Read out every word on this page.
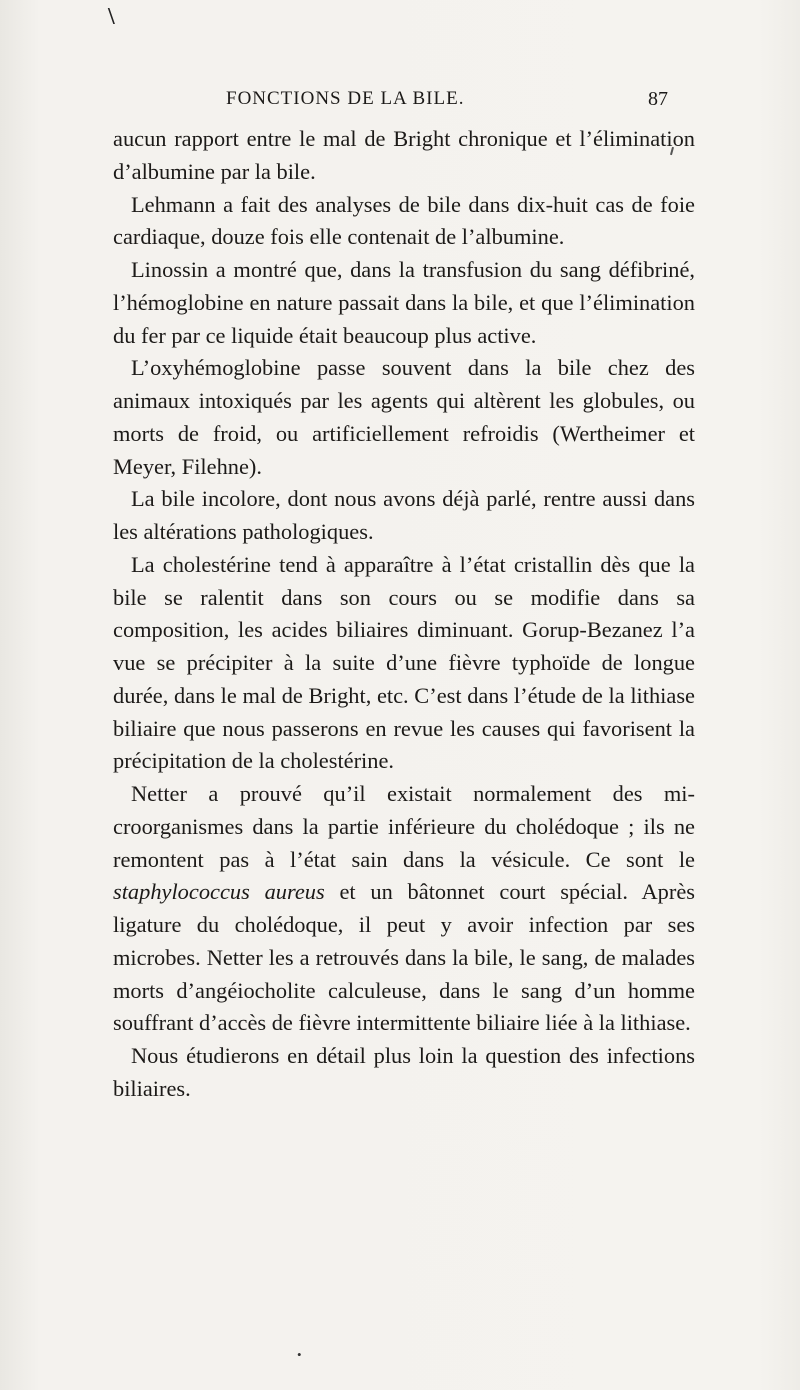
\
FONCTIONS DE LA BILE.	87

aucun rapport entre le mal de Bright chronique et l’élimination d’albumine par la bile.

Lehmann a fait des analyses de bile dans dix-huit cas de foie cardiaque, douze fois elle contenait de l’albumine.

Linossin a montré que, dans la transfusion du sang défibriné, l’hémoglobine en nature passait dans la bile, et que l’élimination du fer par ce liquide était beaucoup plus active.

L’oxyhémoglobine passe souvent dans la bile chez des animaux intoxiqués par les agents qui altèrent les globules, ou morts de froid, ou artificiellement refroidis (Wertheimer et Meyer, Filehne).

La bile incolore, dont nous avons déjà parlé, rentre aussi dans les altérations pathologiques.

La cholestérine tend à apparaître à l’état cristallin dès que la bile se ralentit dans son cours ou se modifie dans sa composition, les acides biliaires diminuant. Gorup-Bezanez l’a vue se précipiter à la suite d’une fièvre typhoïde de longue durée, dans le mal de Bright, etc. C’est dans l’étude de la lithiase biliaire que nous passerons en revue les causes qui favorisent la précipitation de la cholestérine.

Netter a prouvé qu’il existait normalement des microorganismes dans la partie inférieure du cholédoque ; ils ne remontent pas à l’état sain dans la vésicule. Ce sont le staphylococcus aureus et un bâtonnet court spécial. Après ligature du cholédoque, il peut y avoir infection par ses microbes. Netter les a retrouvés dans la bile, le sang, de malades morts d’angéiocholite calculeuse, dans le sang d’un homme souffrant d’accès de fièvre intermittente biliaire liée à la lithiase.

Nous étudierons en détail plus loin la question des infections biliaires.

•
